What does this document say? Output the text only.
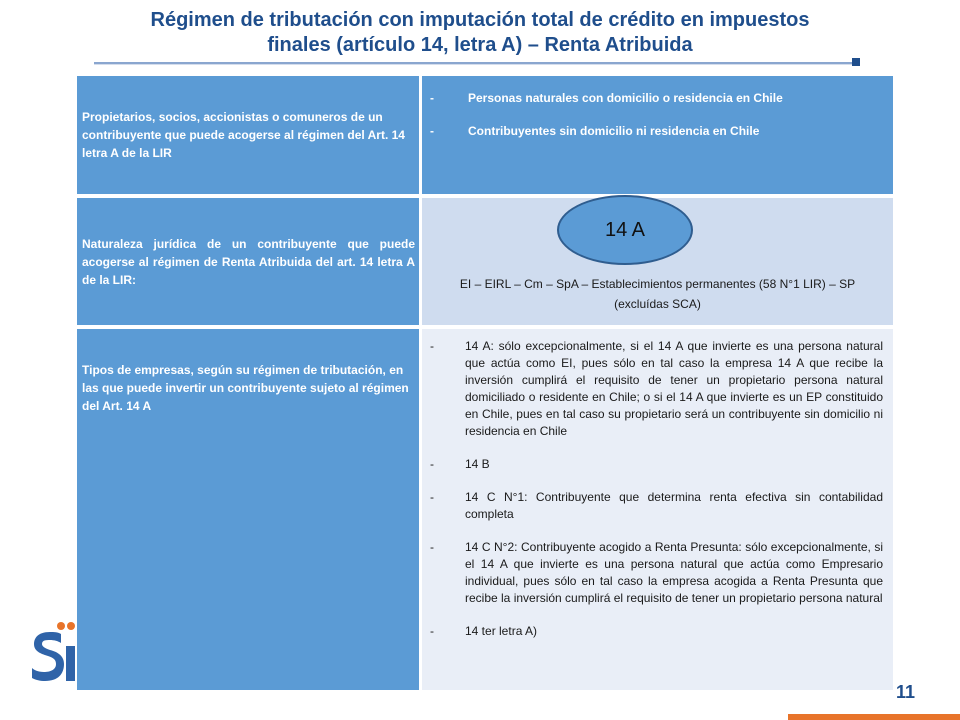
Régimen de tributación con imputación total de crédito en impuestos
finales (artículo 14, letra A) – Renta Atribuida
Propietarios, socios, accionistas o comuneros de un contribuyente que puede acogerse al régimen del Art. 14 letra A de la LIR
- Personas naturales con domicilio o residencia en Chile
- Contribuyentes sin domicilio ni residencia en Chile
Naturaleza jurídica de un contribuyente que puede acogerse al régimen de Renta Atribuida del art. 14 letra A de la LIR:
14 A
EI – EIRL – Cm – SpA – Establecimientos permanentes (58 N°1 LIR) – SP (excluídas SCA)
Tipos de empresas, según su régimen de tributación, en las que puede invertir un contribuyente sujeto al régimen del Art. 14 A
- 14 A: sólo excepcionalmente, si el 14 A que invierte es una persona natural que actúa como EI, pues sólo en tal caso la empresa 14 A que recibe la inversión cumplirá el requisito de tener un propietario persona natural domiciliado o residente en Chile; o si el 14 A que invierte es un EP constituido en Chile, pues en tal caso su propietario será un contribuyente sin domicilio ni residencia en Chile
- 14 B
- 14 C N°1: Contribuyente que determina renta efectiva sin contabilidad completa
- 14 C N°2: Contribuyente acogido a Renta Presunta: sólo excepcionalmente, si el 14 A que invierte es una persona natural que actúa como Empresario individual, pues sólo en tal caso la empresa acogida a Renta Presunta que recibe la inversión cumplirá el requisito de tener un propietario persona natural
- 14 ter letra A)
11
